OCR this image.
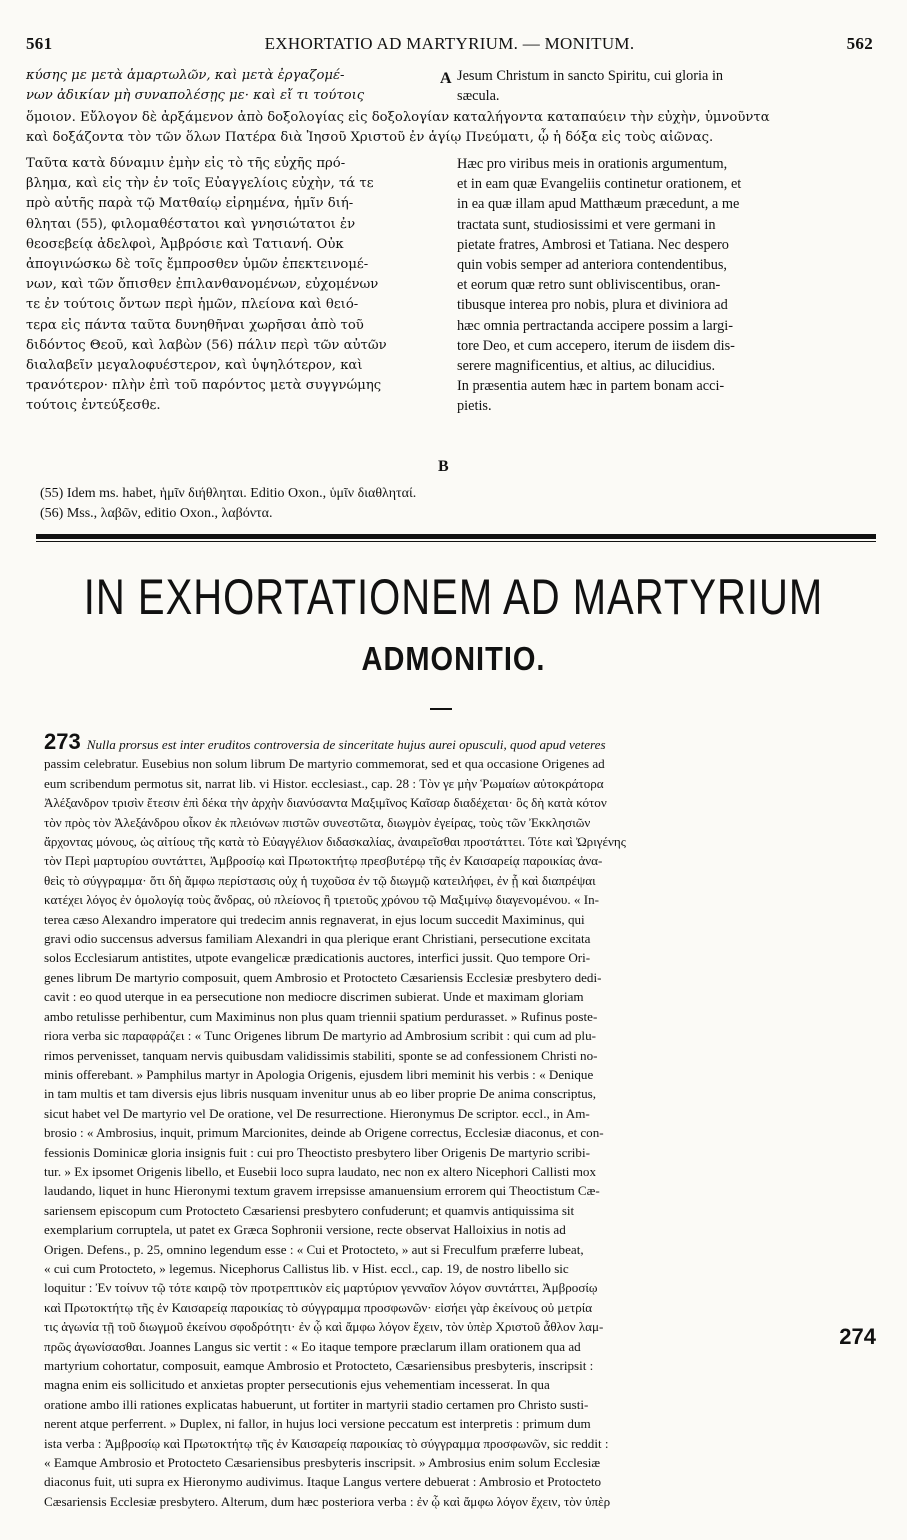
561	EXHORTATIO AD MARTYRIUM. — MONITUM.	562
κύσης με μετὰ ἁμαρτωλῶν, καὶ μετὰ ἐργαζομέ-
νων ἀδικίαν μὴ συναπολέσῃς με· καὶ εἴ τι τούτοις
A Jesum Christum in sancto Spiritu, cui gloria in
sæcula.
ὅμοιον. Εὔλογον δὲ ἀρξάμενον ἀπὸ δοξολογίας εἰς δοξολογίαν καταλήγοντα καταπαύειν τὴν εὐχὴν, ὑμνοῦντα
καὶ δοξάζοντα τὸν τῶν ὅλων Πατέρα διὰ Ἰησοῦ Χριστοῦ ἐν ἁγίῳ Πνεύματι, ᾧ ἡ δόξα εἰς τοὺς αἰῶνας.
Ταῦτα κατὰ δύναμιν ἐμὴν εἰς τὸ τῆς εὐχῆς πρό-
βλημα, καὶ εἰς τὴν ἐν τοῖς Εὐαγγελίοις εὐχὴν, τά τε
πρὸ αὐτῆς παρὰ τῷ Ματθαίῳ εἰρημένα, ἡμῖν διή-
θληται (55), φιλομαθέστατοι καὶ γνησιώτατοι ἐν
θεοσεβείᾳ ἀδελφοὶ, Ἀμβρόσιε καὶ Τατιανή. Οὐκ
ἀπογινώσκω δὲ τοῖς ἔμπροσθεν ὑμῶν ἐπεκτεινομέ-
νων, καὶ τῶν ὄπισθεν ἐπιλανθανομένων, εὐχομένων
τε ἐν τούτοις ὄντων περὶ ἡμῶν, πλείονα καὶ θειό-
τερα εἰς πάντα ταῦτα δυνηθῆναι χωρῆσαι ἀπὸ τοῦ
διδόντος Θεοῦ, καὶ λαβὼν (56) πάλιν περὶ τῶν αὐτῶν
διαλαβεῖν μεγαλοφυέστερον, καὶ ὑψηλότερον, καὶ
τρανότερον· πλὴν ἐπὶ τοῦ παρόντος μετὰ συγγνώμης
τούτοις ἐντεύξεσθε.
Hæc pro viribus meis in orationis argumentum,
et in eam quæ Evangeliis continetur orationem, et
in ea quæ illam apud Matthæum præcedunt, a me
tractata sunt, studiosissimi et vere germani in
pietate fratres, Ambrosi et Tatiana. Nec despero
quin vobis semper ad anteriora contendentibus,
et eorum quæ retro sunt obliviscentibus, oran-
tibusque interea pro nobis, plura et diviniora ad
hæc omnia pertractanda accipere possim a largi-
tore Deo, et cum accepero, iterum de iisdem dis-
serere magnificentius, et altius, ac dilucidius.
In præsentia autem hæc in partem bonam acci-
pietis.
B
(55) Idem ms. habet, ἡμῖν διήθληται. Editio Oxon., ὑμῖν διαθληταί.
(56) Mss., λαβῶν, editio Oxon., λαβόντα.
IN EXHORTATIONEM AD MARTYRIUM
ADMONITIO.
273 Nulla prorsus est inter eruditos controversia de sinceritate hujus aurei opusculi, quod apud veteres
passim celebratur. Eusebius non solum librum De martyrio commemorat, sed et qua occasione Origenes ad
eum scribendum permotus sit, narrat lib. vi Histor. ecclesiast., cap. 28 : Τὸν γε μὴν Ῥωμαίων αὐτοκράτορα
Ἀλέξανδρον τρισὶν ἔτεσιν ἐπὶ δέκα τὴν ἀρχὴν διανύσαντα Μαξιμῖνος Καῖσαρ διαδέχεται· ὃς δὴ κατὰ κότον
τὸν πρὸς τὸν Ἀλεξάνδρου οἶκον ἐκ πλειόνων πιστῶν συνεστῶτα, διωγμὸν ἐγείρας, τοὺς τῶν Ἐκκλησιῶν
ἄρχοντας μόνους, ὡς αἰτίους τῆς κατὰ τὸ Εὐαγγέλιον διδασκαλίας, ἀναιρεῖσθαι προστάττει. Τότε καὶ Ὠριγένης
τὸν Περὶ μαρτυρίου συντάττει, Ἀμβροσίῳ καὶ Πρωτοκτήτῳ πρεσβυτέρῳ τῆς ἐν Καισαρείᾳ παροικίας ἀνα-
θεὶς τὸ σύγγραμμα· ὅτι δὴ ἄμφω περίστασις οὐχ ἡ τυχοῦσα ἐν τῷ διωγμῷ κατειλήφει, ἐν ᾗ καὶ διαπρέψαι
κατέχει λόγος ἐν ὁμολογίᾳ τοὺς ἄνδρας, οὐ πλείονος ἢ τριετοῦς χρόνου τῷ Μαξιμίνῳ διαγενομένου. « In-
terea cæso Alexandro imperatore qui tredecim annis regnaverat, in ejus locum succedit Maximinus, qui
gravi odio succensus adversus familiam Alexandri in qua plerique erant Christiani, persecutione excitata
solos Ecclesiarum antistites, utpote evangelicæ prædicationis auctores, interfici jussit. Quo tempore Ori-
genes librum De martyrio composuit, quem Ambrosio et Protocteto Cæsariensis Ecclesiæ presbytero dedi-
cavit : eo quod uterque in ea persecutione non mediocre discrimen subierat. Unde et maximam gloriam
ambo retulisse perhibentur, cum Maximinus non plus quam triennii spatium perdurasset. » Rufinus poste-
riora verba sic παραφράζει : « Tunc Origenes librum De martyrio ad Ambrosium scribit : qui cum ad plu-
rimos pervenisset, tanquam nervis quibusdam validissimis stabiliti, sponte se ad confessionem Christi no-
minis offerebant. » Pamphilus martyr in Apologia Origenis, ejusdem libri meminit his verbis : « Denique
in tam multis et tam diversis ejus libris nusquam invenitur unus ab eo liber proprie De anima conscriptus,
sicut habet vel De martyrio vel De oratione, vel De resurrectione. Hieronymus De scriptor. eccl., in Am-
brosio : « Ambrosius, inquit, primum Marcionites, deinde ab Origene correctus, Ecclesiæ diaconus, et con-
fessionis Dominicæ gloria insignis fuit : cui pro Theoctisto presbytero liber Origenis De martyrio scribi-
tur. » Ex ipsomet Origenis libello, et Eusebii loco supra laudato, nec non ex altero Nicephori Callisti mox
laudando, liquet in hunc Hieronymi textum gravem irrepsisse amanuensium errorem qui Theoctistum Cæ-
sariensem episcopum cum Protocteto Cæsariensi presbytero confuderunt; et quamvis antiquissima sit
exemplarium corruptela, ut patet ex Græca Sophronii versione, recte observat Halloixius in notis ad
Origen. Defens., p. 25, omnino legendum esse : « Cui et Protocteto, » aut si Freculfum præferre lubeat,
« cui cum Protocteto, » legemus. Nicephorus Callistus lib. v Hist. eccl., cap. 19, de nostro libello sic
loquitur : Ἐν τοίνυν τῷ τότε καιρῷ τὸν προτρεπτικὸν εἰς μαρτύριον γενναῖον λόγον συντάττει, Ἀμβροσίῳ
καὶ Πρωτοκτήτῳ τῆς ἐν Καισαρείᾳ παροικίας τὸ σύγγραμμα προσφωνῶν· εἰσήει γὰρ ἐκείνους οὐ μετρία
τις ἀγωνία τῇ τοῦ διωγμοῦ ἐκείνου σφοδρότητι· ἐν ᾧ καὶ ἄμφω λόγον ἔχειν, τὸν ὑπὲρ Χριστοῦ ἆθλον λαμ-
πρῶς ἀγωνίσασθαι. Joannes Langus sic vertit : « Eo itaque tempore præclarum illam orationem qua ad
martyrium cohortatur, composuit, eamque Ambrosio et Protocteto, Cæsariensibus presbyteris, inscripsit :
magna enim eis sollicitudo et anxietas propter persecutionis ejus vehementiam incesserat. In qua
oratione ambo illi rationes explicatas habuerunt, ut fortiter in martyrii stadio certamen pro Christo susti-
nerent atque perferrent. » Duplex, ni fallor, in hujus loci versione peccatum est interpretis : primum dum
ista verba : Ἀμβροσίῳ καὶ Πρωτοκτήτῳ τῆς ἐν Καισαρείᾳ παροικίας τὸ σύγγραμμα προσφωνῶν, sic reddit :
« Eamque Ambrosio et Protocteto Cæsariensibus presbyteris inscripsit. » Ambrosius enim solum Ecclesiæ
diaconus fuit, uti supra ex Hieronymo audivimus. Itaque Langus vertere debuerat : Ambrosio et Protocteto
Cæsariensis Ecclesiæ presbytero. Alterum, dum hæc posteriora verba : ἐν ᾧ καὶ ἄμφω λόγον ἔχειν, τὸν ὑπὲρ
274
